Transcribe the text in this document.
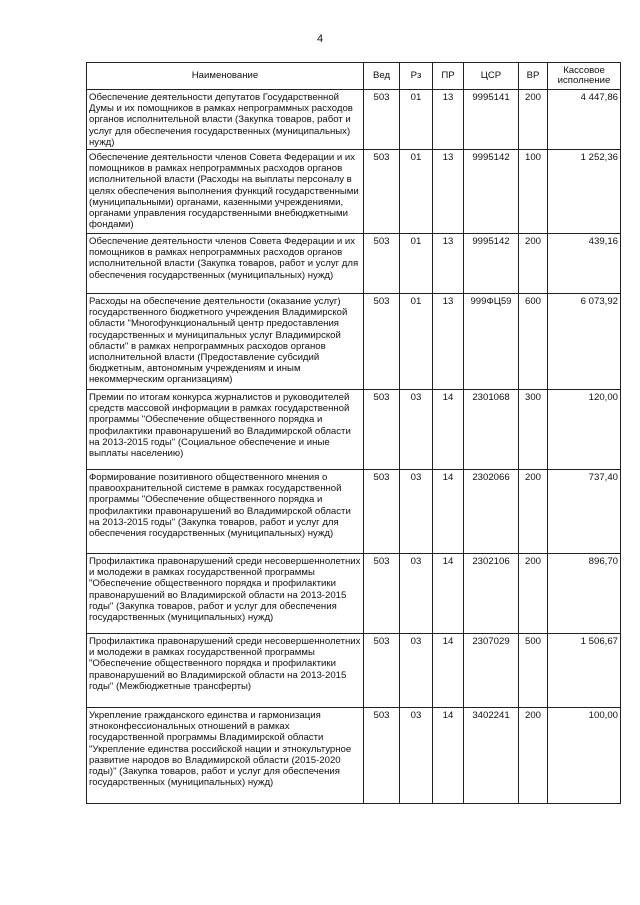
4
Наименование	Вед	Рз	ПР	ЦСР	ВР	Кассовое исполнение
Обеспечение деятельности депутатов Государственной Думы и их помощников в рамках непрограммных расходов органов исполнительной власти (Закупка товаров, работ и услуг для обеспечения государственных (муниципальных) нужд)	503	01	13	9995141	200	4 447,86
Обеспечение деятельности членов Совета Федерации и их помощников в рамках непрограммных расходов органов исполнительной власти (Расходы на выплаты персоналу в целях обеспечения выполнения функций государственными (муниципальными) органами, казенными учреждениями, органами управления государственными внебюджетными фондами)	503	01	13	9995142	100	1 252,36
Обеспечение деятельности членов Совета Федерации и их помощников в рамках непрограммных расходов органов исполнительной власти (Закупка товаров, работ и услуг для обеспечения государственных (муниципальных) нужд)	503	01	13	9995142	200	439,16
Расходы на обеспечение деятельности (оказание услуг) государственного бюджетного учреждения Владимирской области "Многофункциональный центр предоставления государственных и муниципальных услуг Владимирской области" в рамках непрограммных расходов органов исполнительной власти (Предоставление субсидий бюджетным, автономным учреждениям и иным некоммерческим организациям)	503	01	13	999ФЦ59	600	6 073,92
Премии по итогам конкурса журналистов и руководителей средств массовой информации в рамках государственной программы "Обеспечение общественного порядка и профилактики правонарушений во Владимирской области на 2013-2015 годы" (Социальное обеспечение и иные выплаты населению)	503	03	14	2301068	300	120,00
Формирование позитивного общественного мнения о правоохранительной системе в рамках государственной программы "Обеспечение общественного порядка и профилактики правонарушений во Владимирской области на 2013-2015 годы" (Закупка товаров, работ и услуг для обеспечения государственных (муниципальных) нужд)	503	03	14	2302066	200	737,40
Профилактика правонарушений среди несовершеннолетних и молодежи в рамках государственной программы "Обеспечение общественного порядка и профилактики правонарушений во Владимирской области на 2013-2015 годы" (Закупка товаров, работ и услуг для обеспечения государственных (муниципальных) нужд)	503	03	14	2302106	200	896,70
Профилактика правонарушений среди несовершеннолетних и молодежи в рамках государственной программы "Обеспечение общественного порядка и профилактики правонарушений во Владимирской области на 2013-2015 годы" (Межбюджетные трансферты)	503	03	14	2307029	500	1 506,67
Укрепление гражданского единства и гармонизация этноконфессиональных отношений в рамках государственной программы Владимирской области "Укрепление единства российской нации и этнокультурное развитие народов во Владимирской области (2015-2020 годы)" (Закупка товаров, работ и услуг для обеспечения государственных (муниципальных) нужд)	503	03	14	3402241	200	100,00
